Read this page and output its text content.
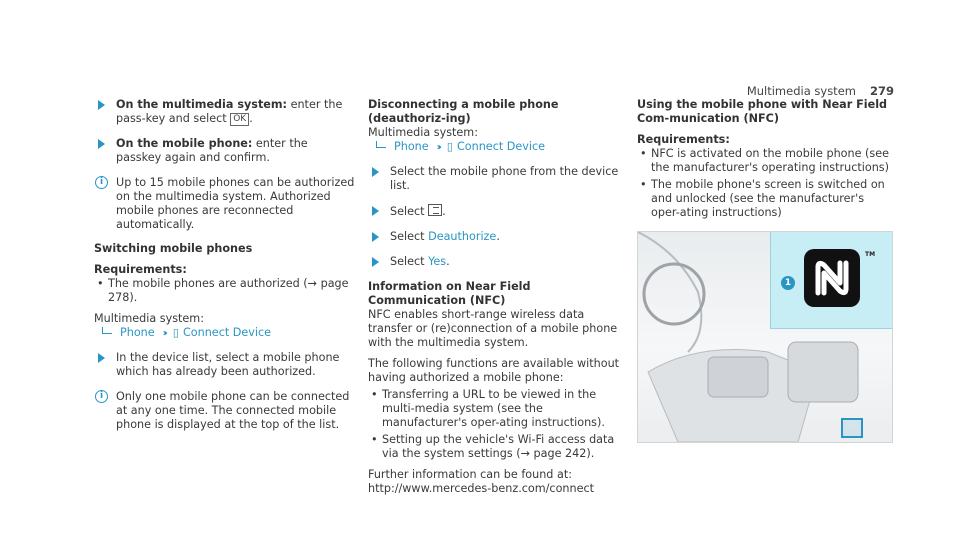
Multimedia system 279
On the multimedia system: enter the pass-key and select OK .
On the mobile phone: enter the passkey again and confirm.
i	Up to 15 mobile phones can be authorized on the multimedia system. Authorized mobile phones are reconnected automatically.
Switching mobile phones
Requirements:
• The mobile phones are authorized (→ page 278).
Multimedia system:
Phone ›› ▯ Connect Device
In the device list, select a mobile phone which has already been authorized.
i	Only one mobile phone can be connected at any one time. The connected mobile phone is displayed at the top of the list.
Disconnecting a mobile phone (deauthoriz-ing)
Multimedia system:
Phone ›› ▯ Connect Device
Select the mobile phone from the device list.
Select .
Select Deauthorize.
Select Yes.
Information on Near Field Communication (NFC)
NFC enables short-range wireless data transfer or (re)connection of a mobile phone with the multimedia system.
The following functions are available without having authorized a mobile phone:
• Transferring a URL to be viewed in the multi-media system (see the manufacturer's oper-ating instructions).
• Setting up the vehicle's Wi-Fi access data via the system settings (→ page 242).
Further information can be found at: http://www.mercedes-benz.com/connect
Using the mobile phone with Near Field Com-munication (NFC)
Requirements:
• NFC is activated on the mobile phone (see the manufacturer's operating instructions)
• The mobile phone's screen is switched on and unlocked (see the manufacturer's oper-ating instructions)
1
TM
